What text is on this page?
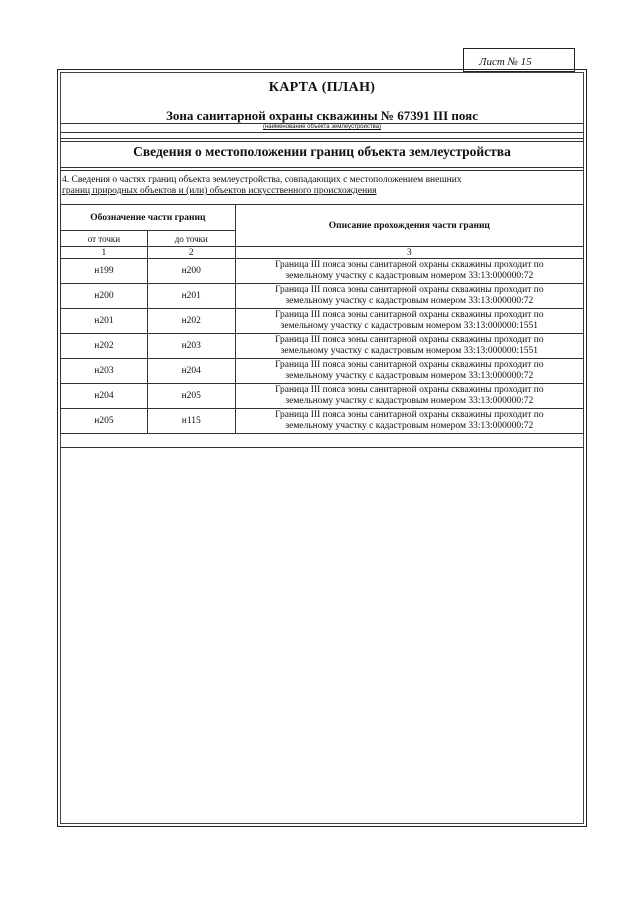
Лист № 15
КАРТА (ПЛАН)
Зона санитарной охраны скважины № 67391 III пояс
(наименование объекта землеустройства)
Сведения о местоположении границ объекта землеустройства
4. Сведения о частях границ объекта землеустройства, совпадающих с местоположением внешних
границ природных объектов и (или) объектов искусственного происхождения
Обозначение части границ		Описание прохождения части границ
от точки	до точки	
1	2	3
н199	н200	Граница III пояса зоны санитарной охраны скважины проходит по
земельному участку с кадастровым номером 33:13:000000:72

н200	н201	Граница III пояса зоны санитарной охраны скважины проходит по
земельному участку с кадастровым номером 33:13:000000:72

н201	н202	Граница III пояса зоны санитарной охраны скважины проходит по
земельному участку с кадастровым номером 33:13:000000:1551

н202	н203	Граница III пояса зоны санитарной охраны скважины проходит по
земельному участку с кадастровым номером 33:13:000000:1551

н203	н204	Граница III пояса зоны санитарной охраны скважины проходит по
земельному участку с кадастровым номером 33:13:000000:72

н204	н205	Граница III пояса зоны санитарной охраны скважины проходит по
земельному участку с кадастровым номером 33:13:000000:72

н205	н115	Граница III пояса зоны санитарной охраны скважины проходит по
земельному участку с кадастровым номером 33:13:000000:72
